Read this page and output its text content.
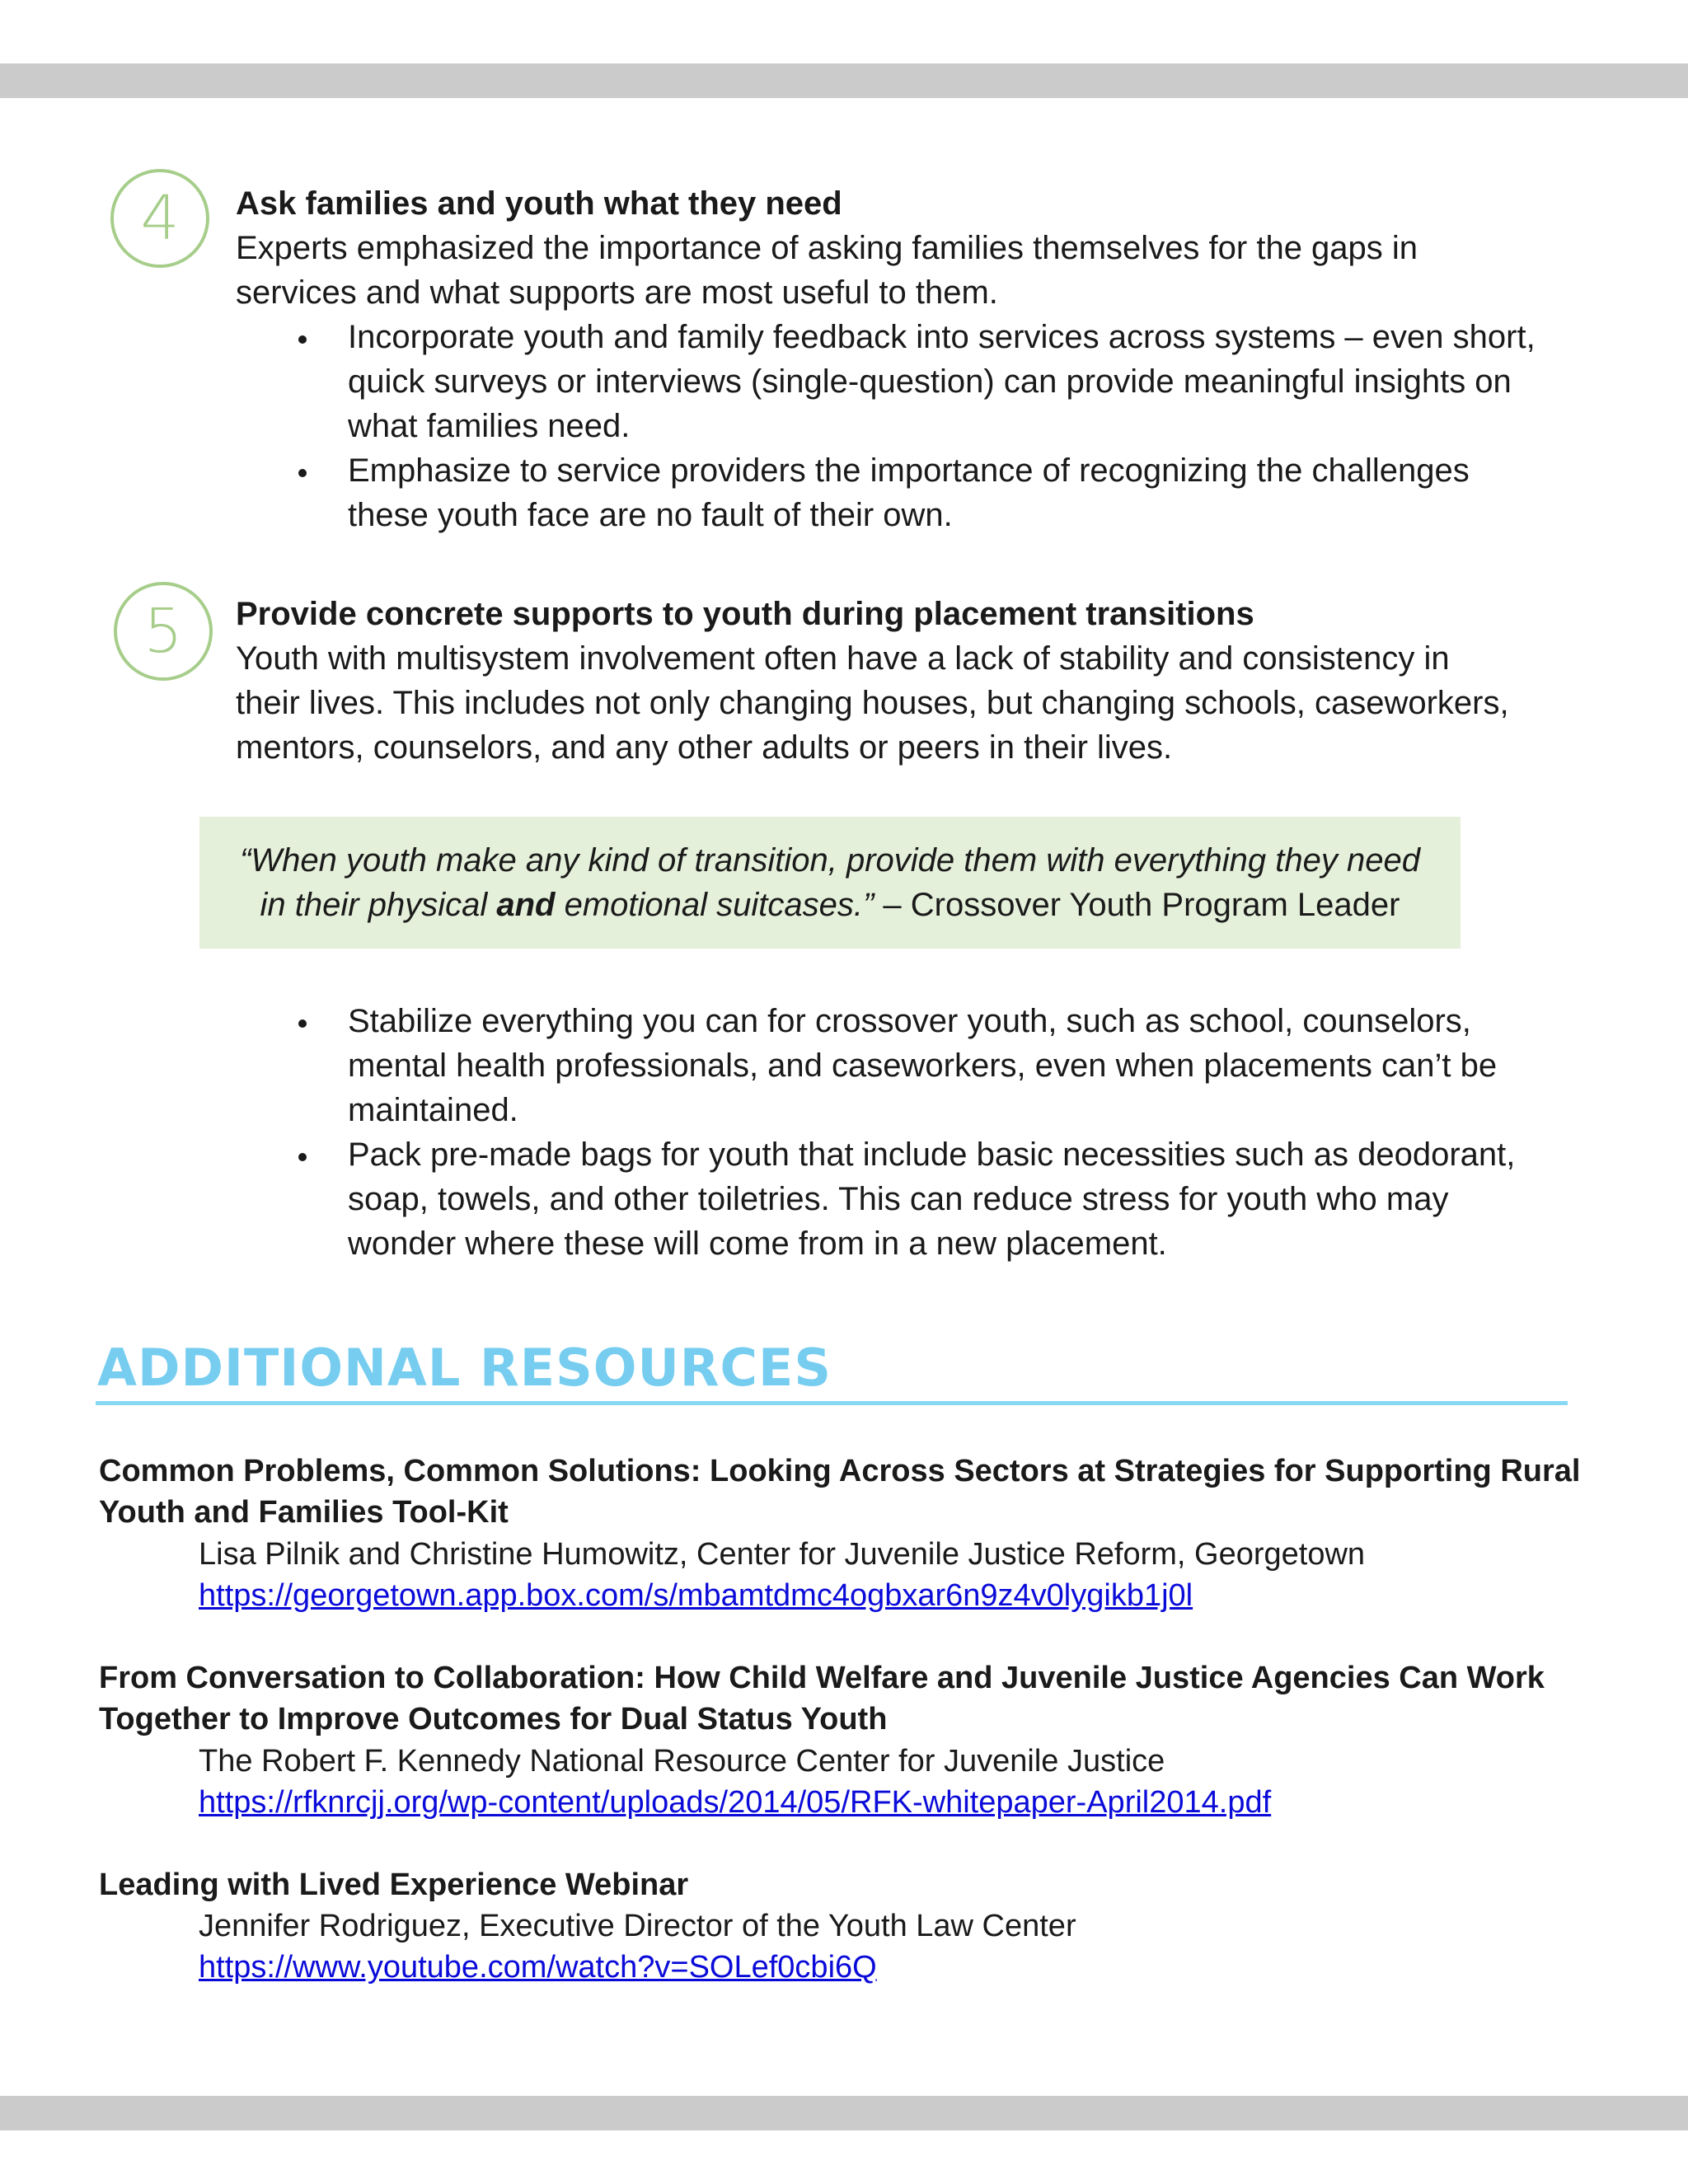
4 Ask families and youth what they need

Experts emphasized the importance of asking families themselves for the gaps in services and what supports are most useful to them.

Incorporate youth and family feedback into services across systems – even short, quick surveys or interviews (single-question) can provide meaningful insights on what families need.
Emphasize to service providers the importance of recognizing the challenges these youth face are no fault of their own.
5 Provide concrete supports to youth during placement transitions

Youth with multisystem involvement often have a lack of stability and consistency in their lives. This includes not only changing houses, but changing schools, caseworkers, mentors, counselors, and any other adults or peers in their lives.

“When youth make any kind of transition, provide them with everything they need
in their physical and emotional suitcases.” – Crossover Youth Program Leader
Stabilize everything you can for crossover youth, such as school, counselors, mental health professionals, and caseworkers, even when placements can’t be maintained.
Pack pre-made bags for youth that include basic necessities such as deodorant, soap, towels, and other toiletries. This can reduce stress for youth who may wonder where these will come from in a new placement.
ADDITIONAL RESOURCES
Common Problems, Common Solutions: Looking Across Sectors at Strategies for Supporting Rural Youth and Families Tool-Kit
Lisa Pilnik and Christine Humowitz, Center for Juvenile Justice Reform, Georgetown
https://georgetown.app.box.com/s/mbamtdmc4ogbxar6n9z4v0lygikb1j0l
From Conversation to Collaboration: How Child Welfare and Juvenile Justice Agencies Can Work Together to Improve Outcomes for Dual Status Youth
The Robert F. Kennedy National Resource Center for Juvenile Justice
https://rfknrcjj.org/wp-content/uploads/2014/05/RFK-whitepaper-April2014.pdf
Leading with Lived Experience Webinar
Jennifer Rodriguez, Executive Director of the Youth Law Center
https://www.youtube.com/watch?v=SOLef0cbi6Q
